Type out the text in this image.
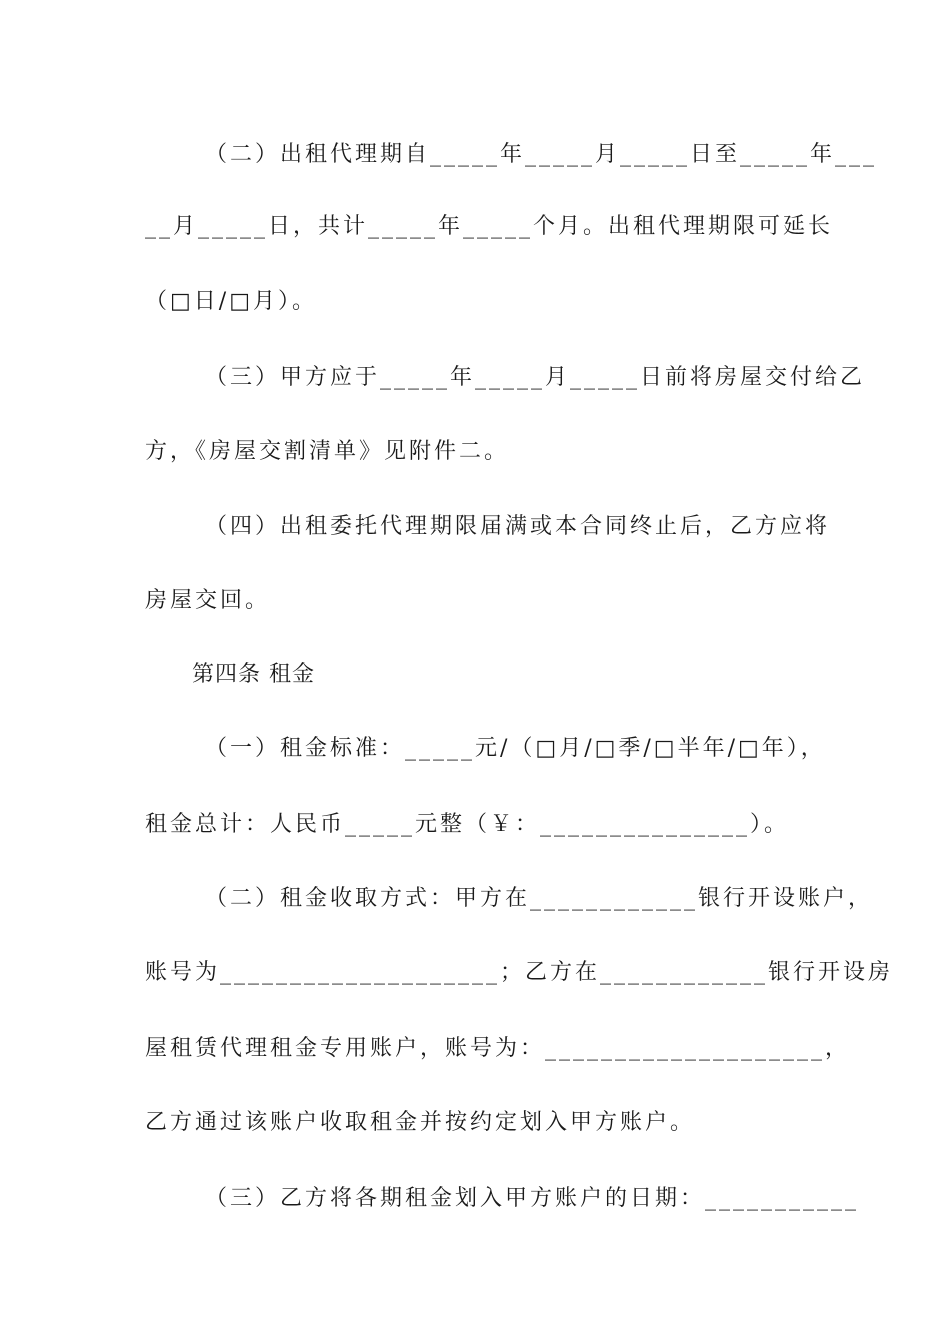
（二）出租代理期自_____年_____月_____日至_____年___
__月_____日，共计_____年_____个月。出租代理期限可延长
（□日/□月）。
（三）甲方应于_____年_____月_____日前将房屋交付给乙
方，《房屋交割清单》见附件二。
（四）出租委托代理期限届满或本合同终止后，乙方应将
房屋交回。
第四条 租金
（一）租金标准：_____元/（□月/□季/□半年/□年），
租金总计：人民币_____元整（￥：_______________）。
（二）租金收取方式：甲方在____________银行开设账户，
账号为____________________；乙方在____________银行开设房
屋租赁代理租金专用账户，账号为：____________________，
乙方通过该账户收取租金并按约定划入甲方账户。
（三）乙方将各期租金划入甲方账户的日期：___________
